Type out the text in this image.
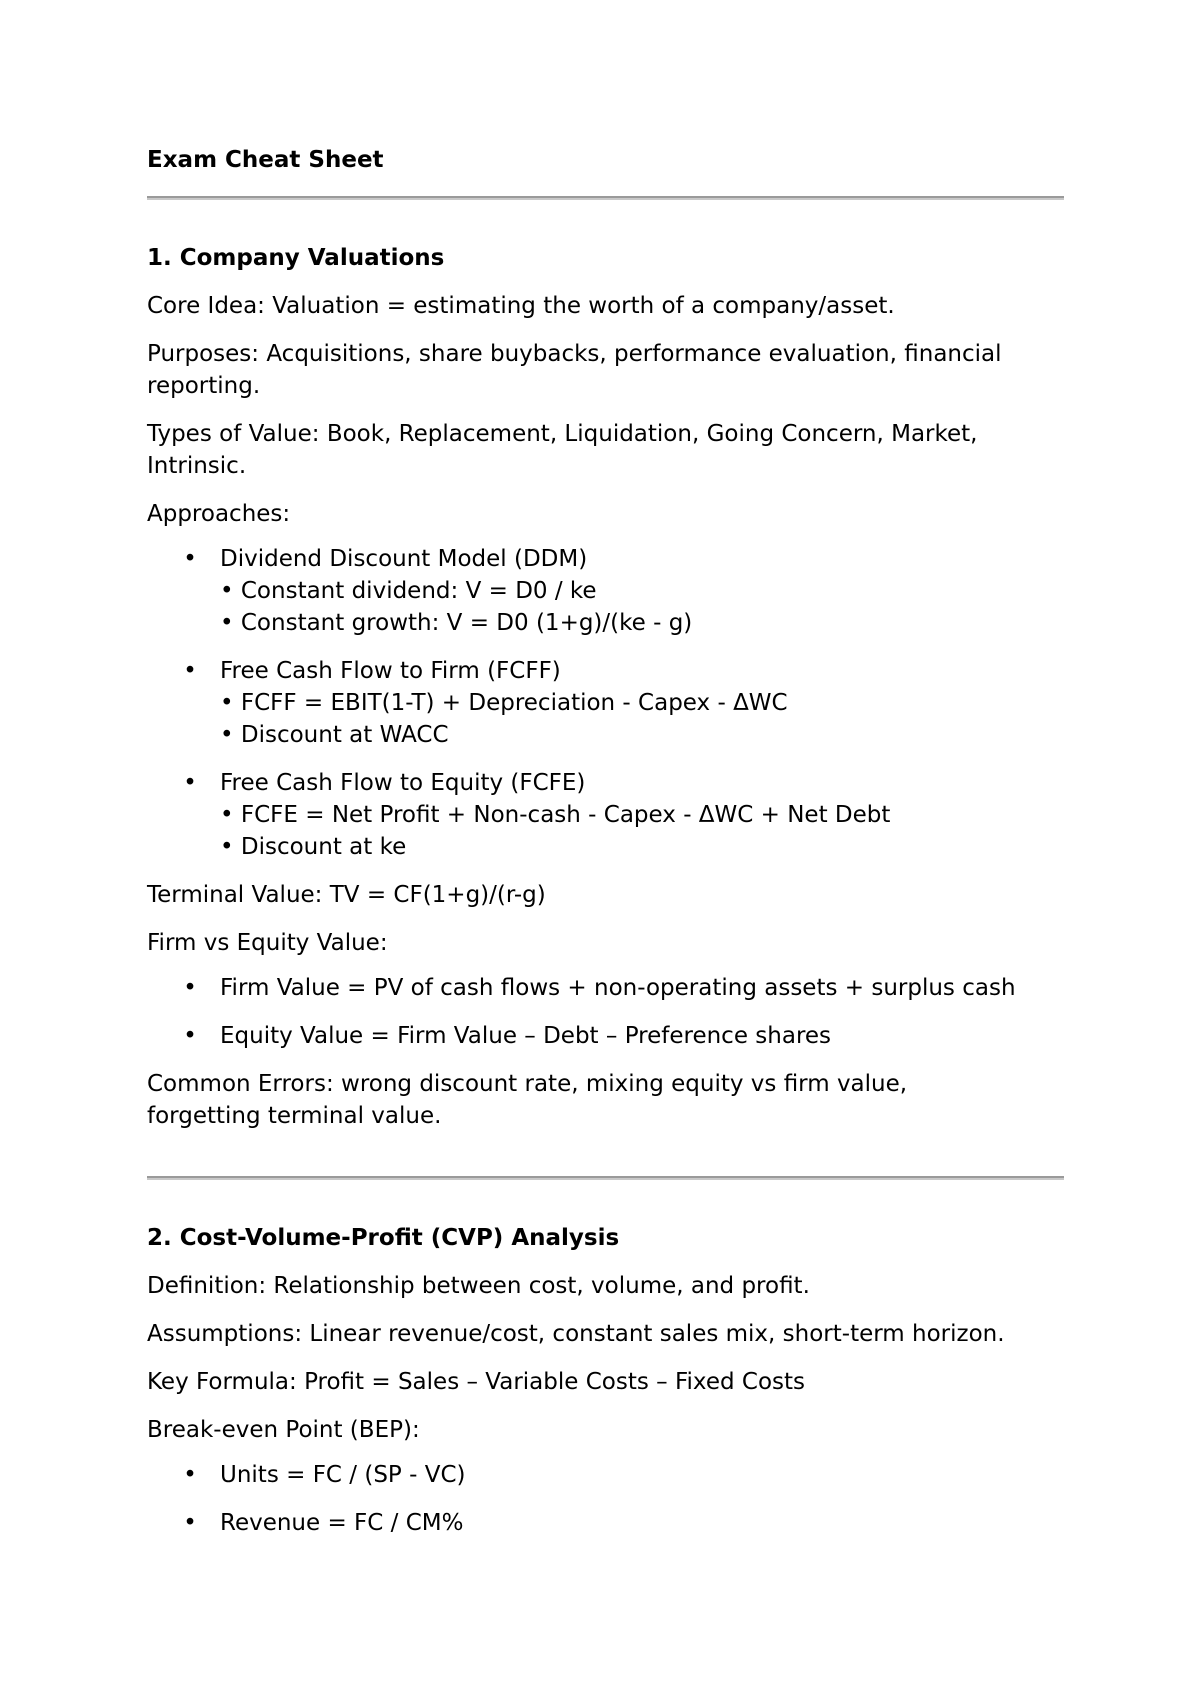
Exam Cheat Sheet
1. Company Valuations

Core Idea: Valuation = estimating the worth of a company/asset.

Purposes: Acquisitions, share buybacks, performance evaluation, financial
reporting.

Types of Value: Book, Replacement, Liquidation, Going Concern, Market,
Intrinsic.

Approaches:

• Dividend Discount Model (DDM)
• Constant dividend: V = D0 / ke
• Constant growth: V = D0 (1+g)/(ke - g)
• Free Cash Flow to Firm (FCFF)
• FCFF = EBIT(1-T) + Depreciation - Capex - ΔWC
• Discount at WACC
• Free Cash Flow to Equity (FCFE)
• FCFE = Net Profit + Non-cash - Capex - ΔWC + Net Debt
• Discount at ke

Terminal Value: TV = CF(1+g)/(r-g)

Firm vs Equity Value:

• Firm Value = PV of cash flows + non-operating assets + surplus cash
• Equity Value = Firm Value – Debt – Preference shares

Common Errors: wrong discount rate, mixing equity vs firm value,
forgetting terminal value.

2. Cost-Volume-Profit (CVP) Analysis

Definition: Relationship between cost, volume, and profit.

Assumptions: Linear revenue/cost, constant sales mix, short-term horizon.

Key Formula: Profit = Sales – Variable Costs – Fixed Costs

Break-even Point (BEP):

• Units = FC / (SP - VC)
• Revenue = FC / CM%
